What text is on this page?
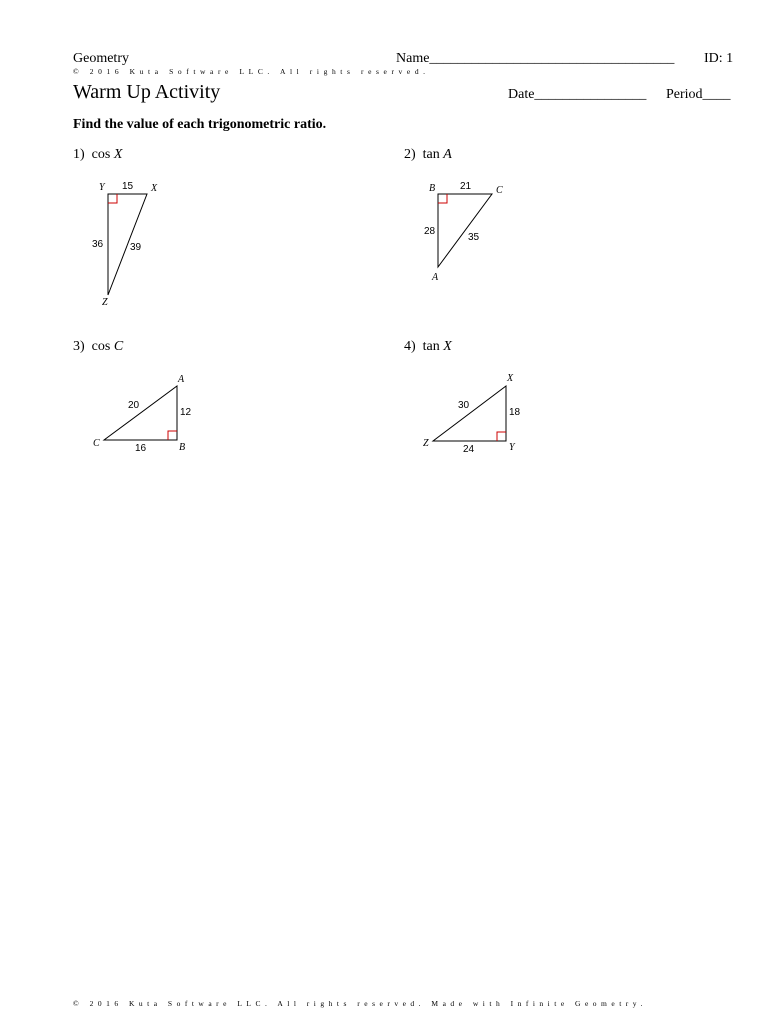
Geometry	Name___________________________________ ID: 1
© 2016 Kuta Software LLC. All rights reserved.
Warm Up Activity	Date________________ Period____
Find the value of each trigonometric ratio.
1) cos X
Y	X
Z
15
36	39
2) tan A
B	C
A
21
28
35
3) cos C
A
C	B
20
12
16
4) tan X
X
Z	Y
30
18
24
© 2016 Kuta Software LLC. All rights reserved. Made with Infinite Geometry.
